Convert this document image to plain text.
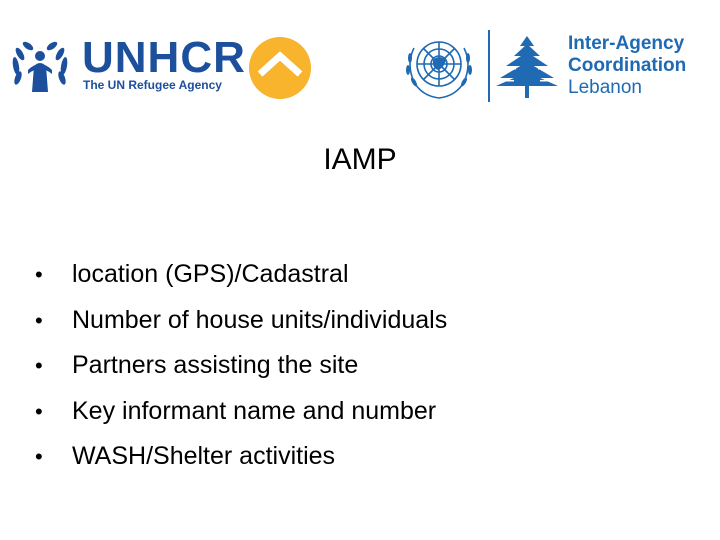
UNHCR
The UN Refugee Agency
Inter-Agency
Coordination
Lebanon
IAMP
• location (GPS)/Cadastral
• Number of house units/individuals
• Partners assisting the site
• Key informant name and number
• WASH/Shelter activities
